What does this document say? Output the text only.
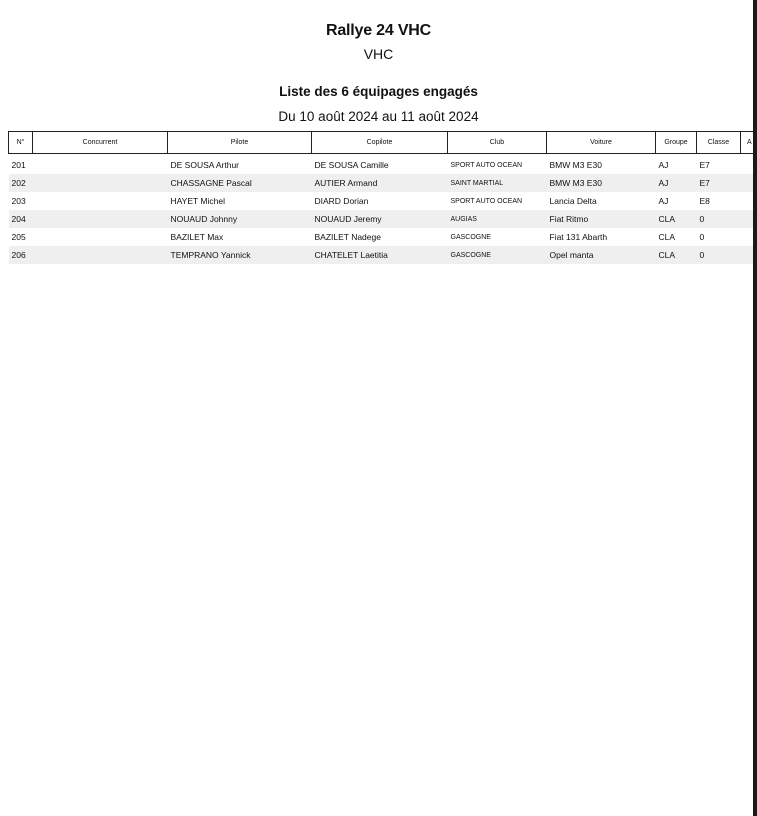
Rallye 24 VHC
VHC
Liste des 6 équipages engagés
Du 10 août 2024 au 11 août 2024
N°	Concurrent	Pilote	Copilote	Club	Voiture	Groupe	Classe	A

201		DE SOUSA Arthur	DE SOUSA Camille	SPORT AUTO OCEAN	BMW M3 E30	AJ	E7	
202		CHASSAGNE Pascal	AUTIER Armand	SAINT MARTIAL	BMW M3 E30	AJ	E7	
203		HAYET Michel	DIARD Dorian	SPORT AUTO OCEAN	Lancia Delta	AJ	E8	
204		NOUAUD Johnny	NOUAUD Jeremy	AUGIAS	Fiat Ritmo	CLA	0	
205		BAZILET Max	BAZILET Nadege	GASCOGNE	Fiat 131 Abarth	CLA	0	
206		TEMPRANO Yannick	CHATELET Laetitia	GASCOGNE	Opel manta	CLA	0	
